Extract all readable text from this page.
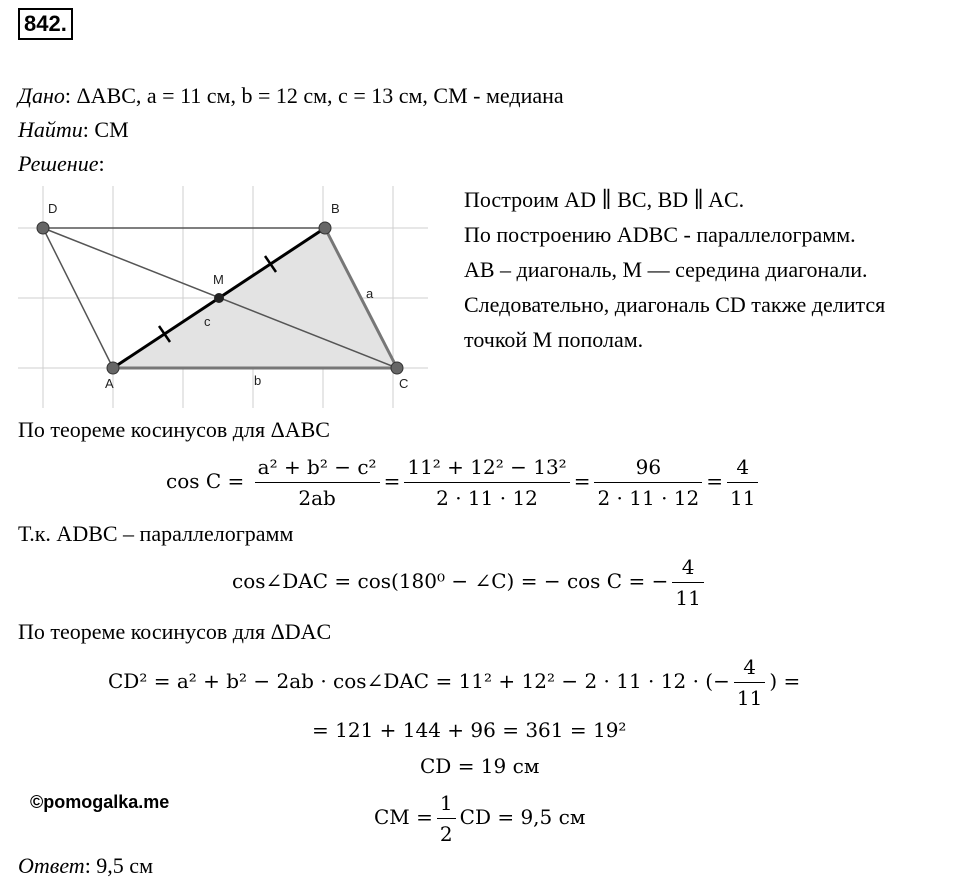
842.
Дано: ΔABC, a = 11 см, b = 12 см, c = 13 см, CM - медиана
Найти: CM
Решение:
D	B
A	C
M
a
b
c
Построим AD ∥ BC, BD ∥ AC.
По построению ADBC - параллелограмм.
AB – диагональ, M — середина диагонали.
Следовательно, диагональ CD также делится
точкой M пополам.
По теореме косинусов для ΔABC
$\cos C = \frac{\text{a² + b² − c²}}{2ab} = \frac{\text{11² + 12² − 13²}}{2 \cdot 11 \cdot 12} = \frac{96}{2 \cdot 11 \cdot 12} = \frac{4}{11}$
Т.к. ADBC – параллелограмм
cos∠DAC = cos(180⁰ − ∠C) = − cos C = − $\frac{4}{11}$
По теореме косинусов для ΔDAC
CD² = a² + b² − 2ab · cos∠DAC = 11² + 12² − 2 · 11 · 12 · (− $\frac{4}{11}$ ) =
= 121 + 144 + 96 = 361 = 19²
CD = 19 см
©pomogalka.me
CM = $\frac{1}{2}$ CD = 9,5 см
Ответ: 9,5 см
